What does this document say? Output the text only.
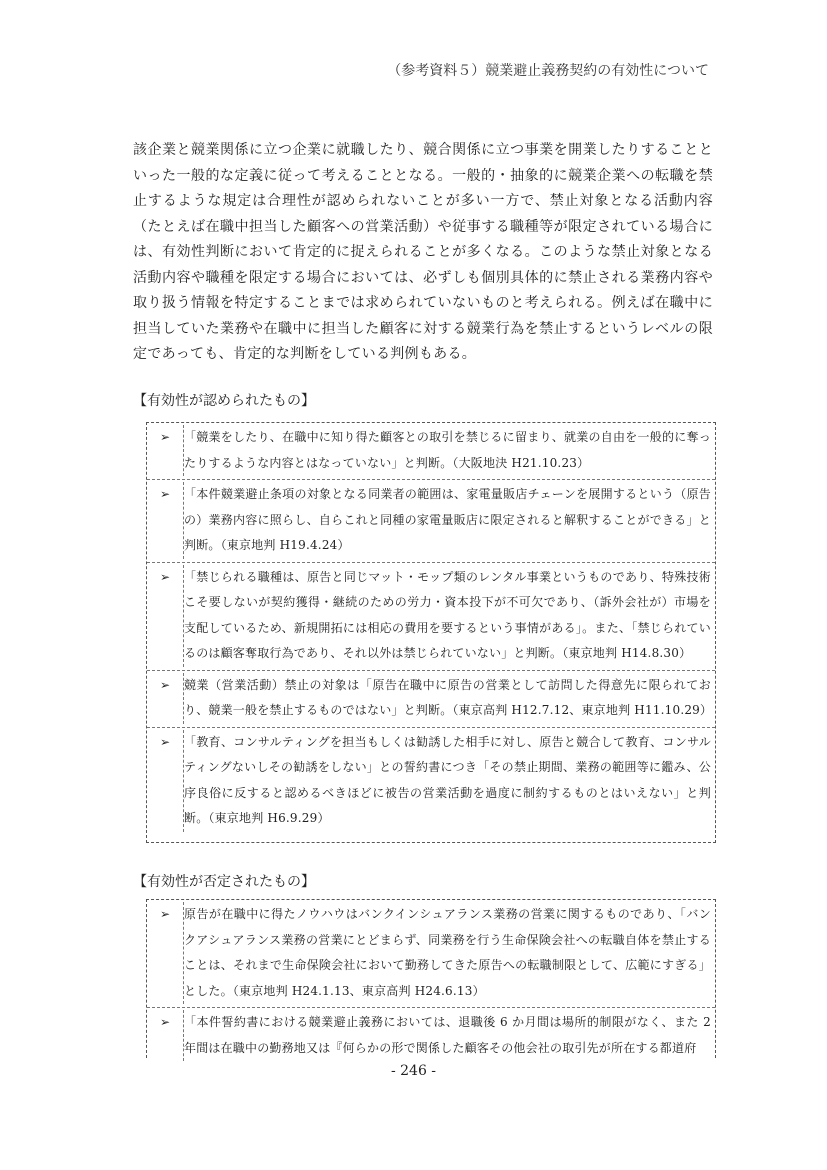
（参考資料５）競業避止義務契約の有効性について

該企業と競業関係に立つ企業に就職したり、競合関係に立つ事業を開業したりすることといった一般的な定義に従って考えることとなる。一般的・抽象的に競業企業への転職を禁止するような規定は合理性が認められないことが多い一方で、禁止対象となる活動内容（たとえば在職中担当した顧客への営業活動）や従事する職種等が限定されている場合には、有効性判断において肯定的に捉えられることが多くなる。このような禁止対象となる活動内容や職種を限定する場合においては、必ずしも個別具体的に禁止される業務内容や取り扱う情報を特定することまでは求められていないものと考えられる。例えば在職中に担当していた業務や在職中に担当した顧客に対する競業行為を禁止するというレベルの限定であっても、肯定的な判断をしている判例もある。

【有効性が認められたもの】
➢	「競業をしたり、在職中に知り得た顧客との取引を禁じるに留まり、就業の自由を一般的に奪ったりするような内容とはなっていない」と判断。（大阪地決 H21.10.23）
➢	「本件競業避止条項の対象となる同業者の範囲は、家電量販店チェーンを展開するという（原告の）業務内容に照らし、自らこれと同種の家電量販店に限定されると解釈することができる」と判断。（東京地判 H19.4.24）
➢	「禁じられる職種は、原告と同じマット・モップ類のレンタル事業というものであり、特殊技術こそ要しないが契約獲得・継続のための労力・資本投下が不可欠であり、（訴外会社が）市場を支配しているため、新規開拓には相応の費用を要するという事情がある」。また、「禁じられているのは顧客奪取行為であり、それ以外は禁じられていない」と判断。（東京地判 H14.8.30）
➢	競業（営業活動）禁止の対象は「原告在職中に原告の営業として訪問した得意先に限られており、競業一般を禁止するものではない」と判断。（東京高判 H12.7.12、東京地判 H11.10.29）
➢	「教育、コンサルティングを担当もしくは勧誘した相手に対し、原告と競合して教育、コンサルティングないしその勧誘をしない」との誓約書につき「その禁止期間、業務の範囲等に鑑み、公序良俗に反すると認めるべきほどに被告の営業活動を過度に制約するものとはいえない」と判断。（東京地判 H6.9.29）
【有効性が否定されたもの】
➢	原告が在職中に得たノウハウはバンクインシュアランス業務の営業に関するものであり、「バンクアシュアランス業務の営業にとどまらず、同業務を行う生命保険会社への転職自体を禁止することは、それまで生命保険会社において勤務してきた原告への転職制限として、広範にすぎる」とした。（東京地判 H24.1.13、東京高判 H24.6.13）
➢	「本件誓約書における競業避止義務においては、退職後 6 か月間は場所的制限がなく、また 2 年間は在職中の勤務地又は『何らかの形で関係した顧客その他会社の取引先が所在する都道府
- 246 -
